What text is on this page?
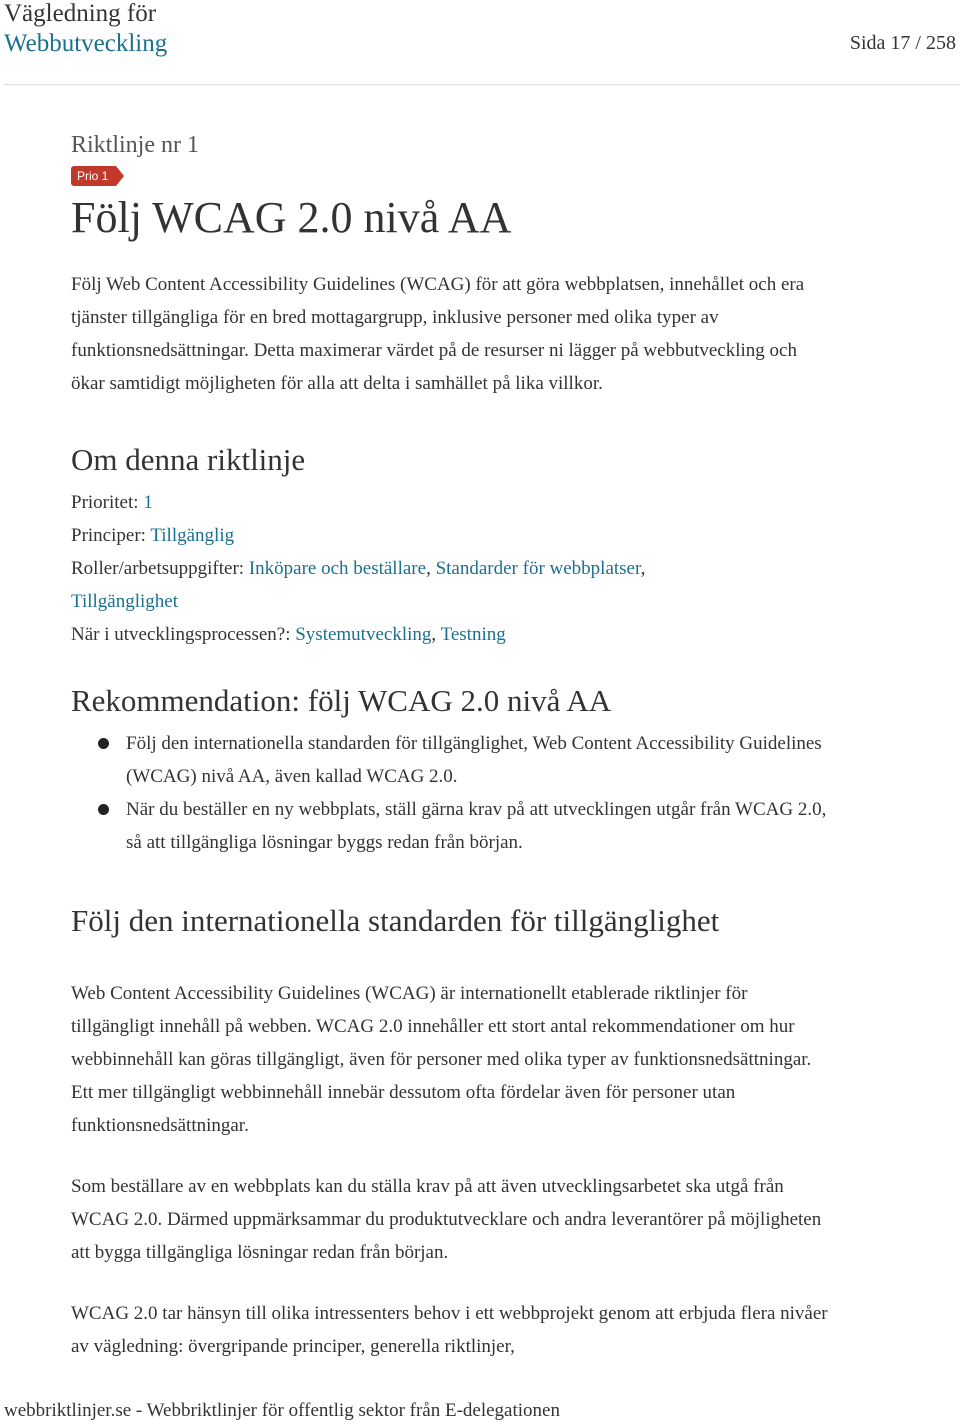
Vägledning för
Webbutveckling	Sida 17 / 258

Riktlinje nr 1

Prio 1
Följ WCAG 2.0 nivå AA

Följ Web Content Accessibility Guidelines (WCAG) för att göra webbplatsen, innehållet och era tjänster tillgängliga för en bred mottagargrupp, inklusive personer med olika typer av funktionsnedsättningar. Detta maximerar värdet på de resurser ni lägger på webbutveckling och ökar samtidigt möjligheten för alla att delta i samhället på lika villkor.

Om denna riktlinje

Prioritet: 1

Principer: Tillgänglig

Roller/arbetsuppgifter: Inköpare och beställare, Standarder för webbplatser,
Tillgänglighet

När i utvecklingsprocessen?: Systemutveckling, Testning

Rekommendation: följ WCAG 2.0 nivå AA
Följ den internationella standarden för tillgänglighet, Web Content Accessibility Guidelines (WCAG) nivå AA, även kallad WCAG 2.0.
När du beställer en ny webbplats, ställ gärna krav på att utvecklingen utgår från WCAG 2.0, så att tillgängliga lösningar byggs redan från början.
Följ den internationella standarden för tillgänglighet

Web Content Accessibility Guidelines (WCAG) är internationellt etablerade riktlinjer för tillgängligt innehåll på webben. WCAG 2.0 innehåller ett stort antal rekommendationer om hur webbinnehåll kan göras tillgängligt, även för personer med olika typer av funktionsnedsättningar. Ett mer tillgängligt webbinnehåll innebär dessutom ofta fördelar även för personer utan funktionsnedsättningar.

Som beställare av en webbplats kan du ställa krav på att även utvecklingsarbetet ska utgå från WCAG 2.0. Därmed uppmärksammar du produktutvecklare och andra leverantörer på möjligheten att bygga tillgängliga lösningar redan från början.

WCAG 2.0 tar hänsyn till olika intressenters behov i ett webbprojekt genom att erbjuda flera nivåer av vägledning: övergripande principer, generella riktlinjer,

webbriktlinjer.se - Webbriktlinjer för offentlig sektor från E-delegationen
